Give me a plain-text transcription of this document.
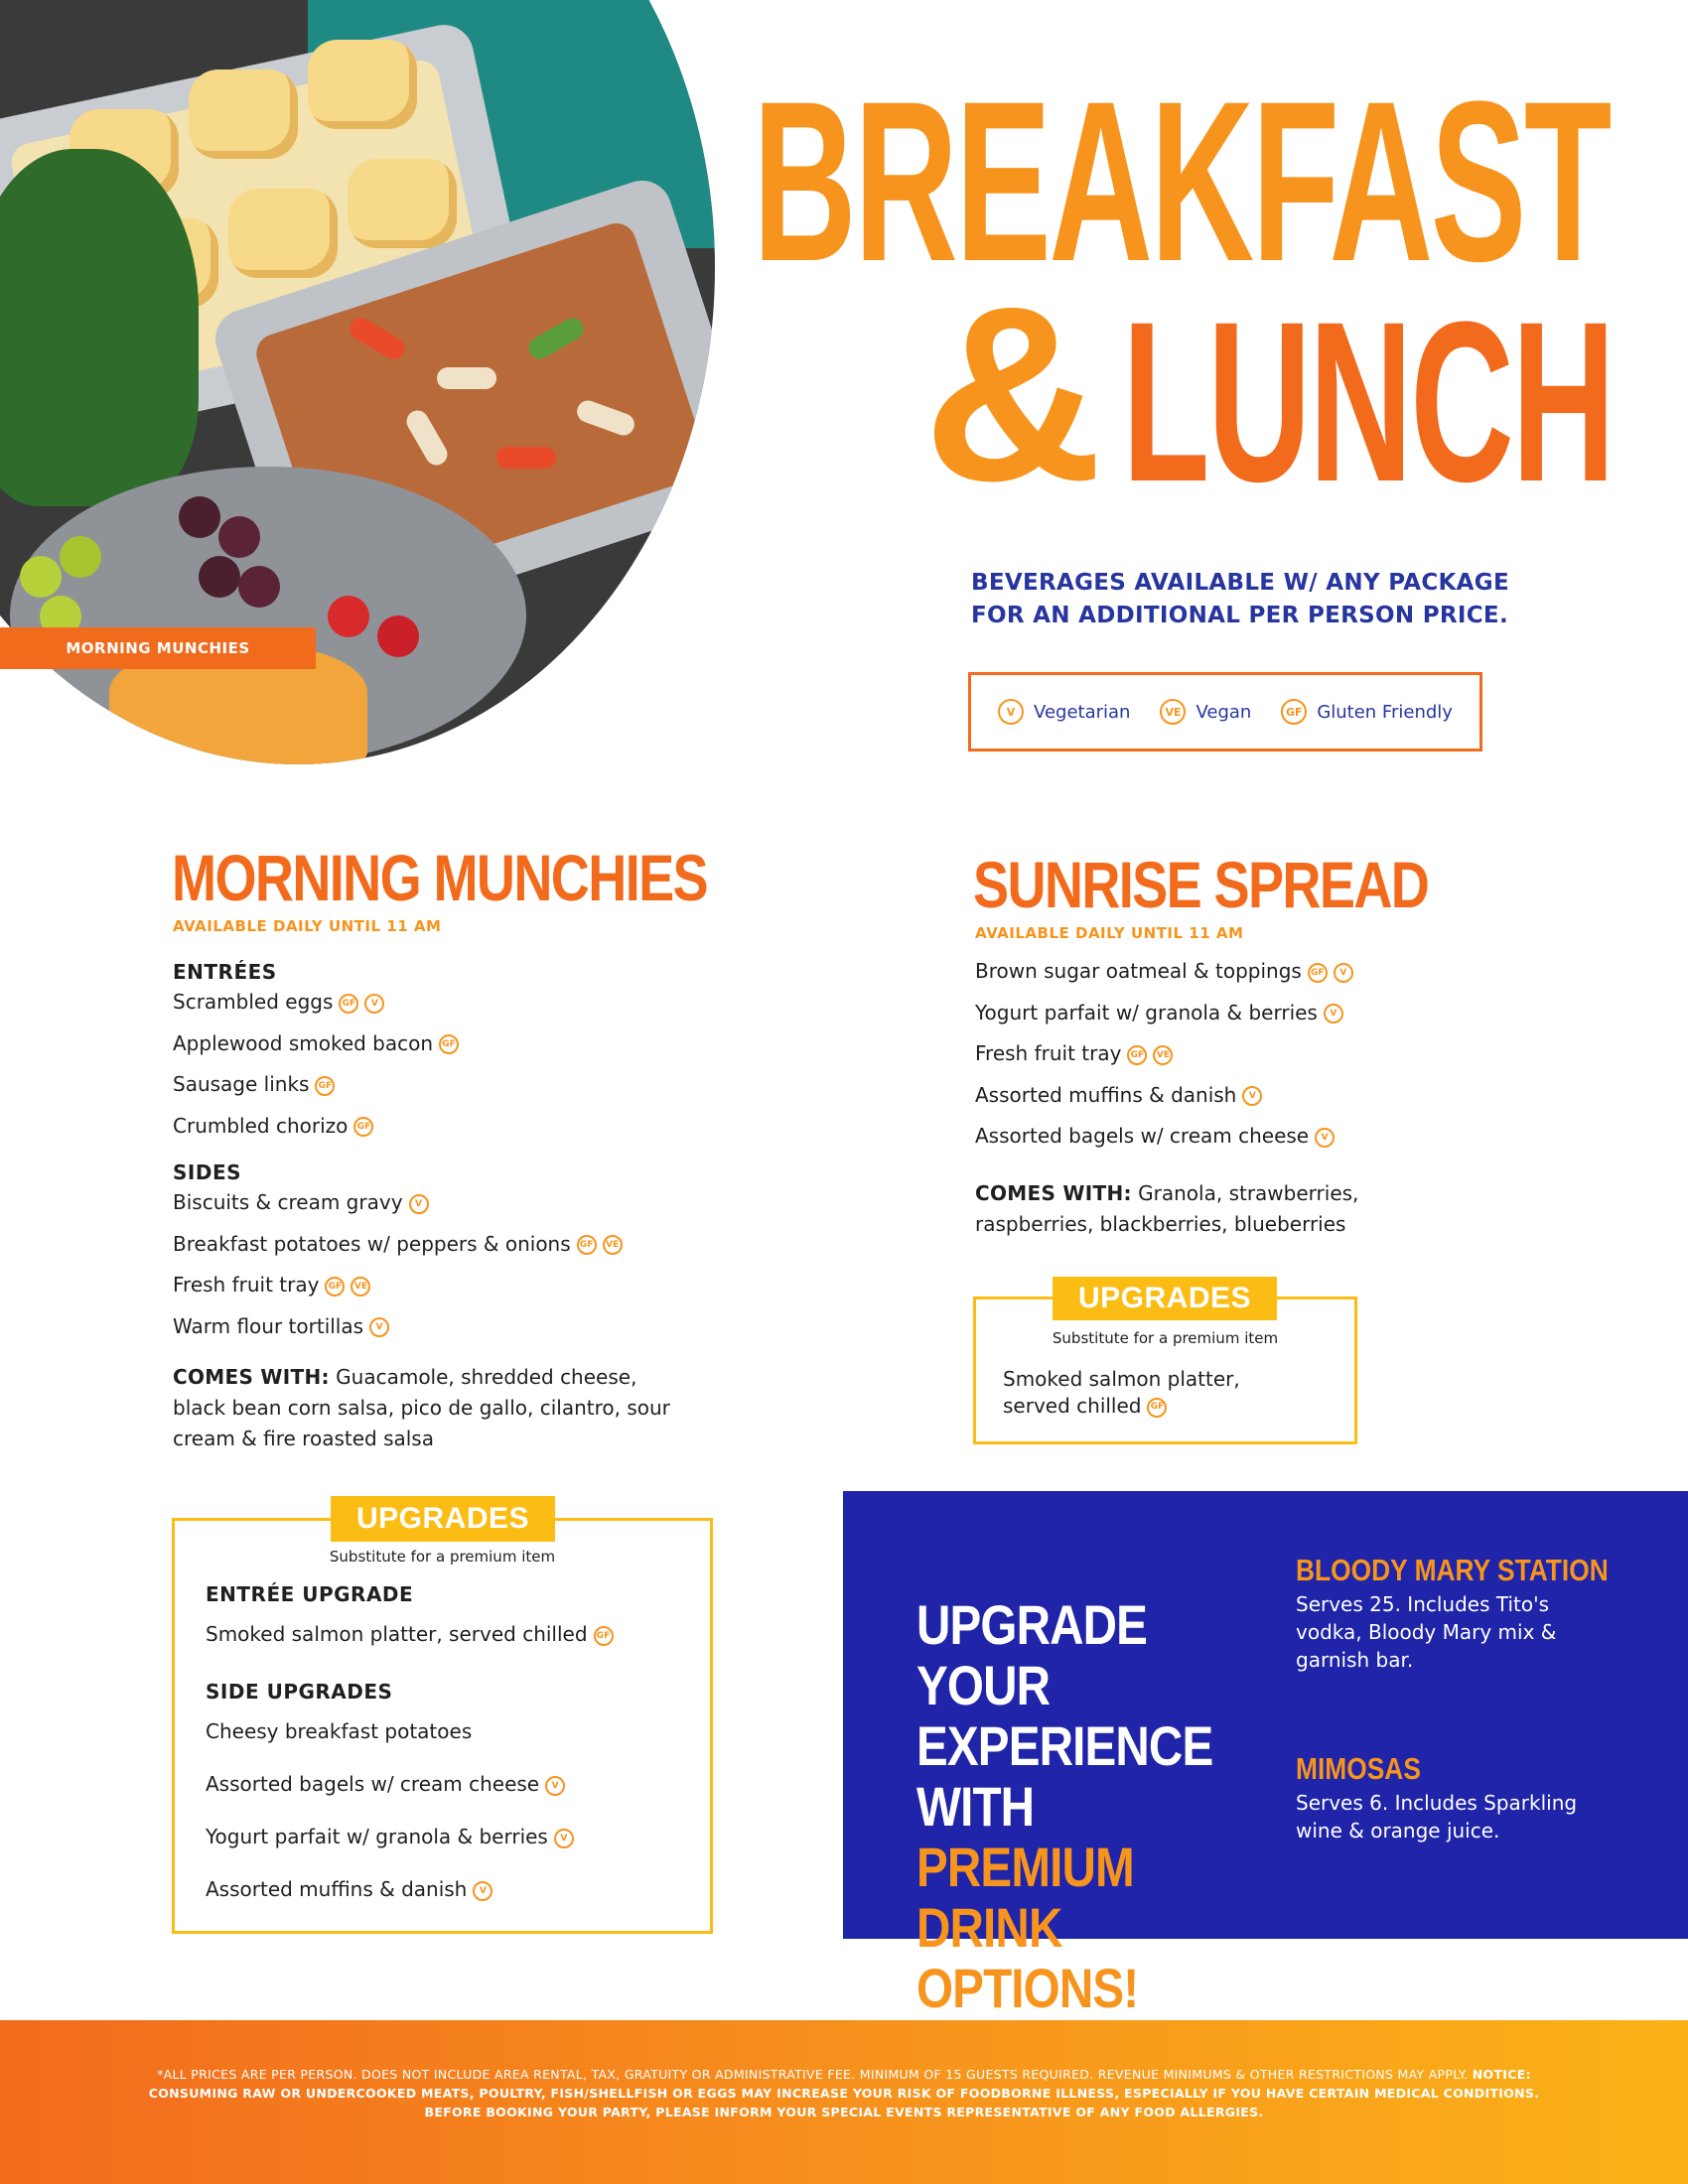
MORNING MUNCHIES
BREAKFAST
& LUNCH
BEVERAGES AVAILABLE W/ ANY PACKAGE FOR AN ADDITIONAL PER PERSON PRICE.
V	Vegetarian	VE Vegan	GF Gluten Friendly
MORNING MUNCHIES
AVAILABLE DAILY UNTIL 11 AM
ENTRÉES
Scrambled eggs GF V
Applewood smoked bacon GF
Sausage links GF
Crumbled chorizo GF
SIDES
Biscuits & cream gravy V
Breakfast potatoes w/ peppers & onions GF VE
Fresh fruit tray GF VE
Warm flour tortillas V
COMES WITH: Guacamole, shredded cheese, black bean corn salsa, pico de gallo, cilantro, sour cream & fire roasted salsa
UPGRADES
Substitute for a premium item
ENTRÉE UPGRADE
Smoked salmon platter, served chilled GF
SIDE UPGRADES
Cheesy breakfast potatoes
Assorted bagels w/ cream cheese V
Yogurt parfait w/ granola & berries V
Assorted muffins & danish V
SUNRISE SPREAD
AVAILABLE DAILY UNTIL 11 AM
Brown sugar oatmeal & toppings GF V
Yogurt parfait w/ granola & berries V
Fresh fruit tray GF VE
Assorted muffins & danish V
Assorted bagels w/ cream cheese V
COMES WITH: Granola, strawberries, raspberries, blackberries, blueberries
UPGRADES
Substitute for a premium item
Smoked salmon platter,
served chilled GF
UPGRADE YOUR
EXPERIENCE
WITH PREMIUM
DRINK OPTIONS!
BLOODY MARY STATION
Serves 25. Includes Tito's vodka, Bloody Mary mix & garnish bar.
MIMOSAS
Serves 6. Includes Sparkling wine & orange juice.
*ALL PRICES ARE PER PERSON. DOES NOT INCLUDE AREA RENTAL, TAX, GRATUITY OR ADMINISTRATIVE FEE. MINIMUM OF 15 GUESTS REQUIRED. REVENUE MINIMUMS & OTHER RESTRICTIONS MAY APPLY. NOTICE: CONSUMING RAW OR UNDERCOOKED MEATS, POULTRY, FISH/SHELLFISH OR EGGS MAY INCREASE YOUR RISK OF FOODBORNE ILLNESS, ESPECIALLY IF YOU HAVE CERTAIN MEDICAL CONDITIONS. BEFORE BOOKING YOUR PARTY, PLEASE INFORM YOUR SPECIAL EVENTS REPRESENTATIVE OF ANY FOOD ALLERGIES.
